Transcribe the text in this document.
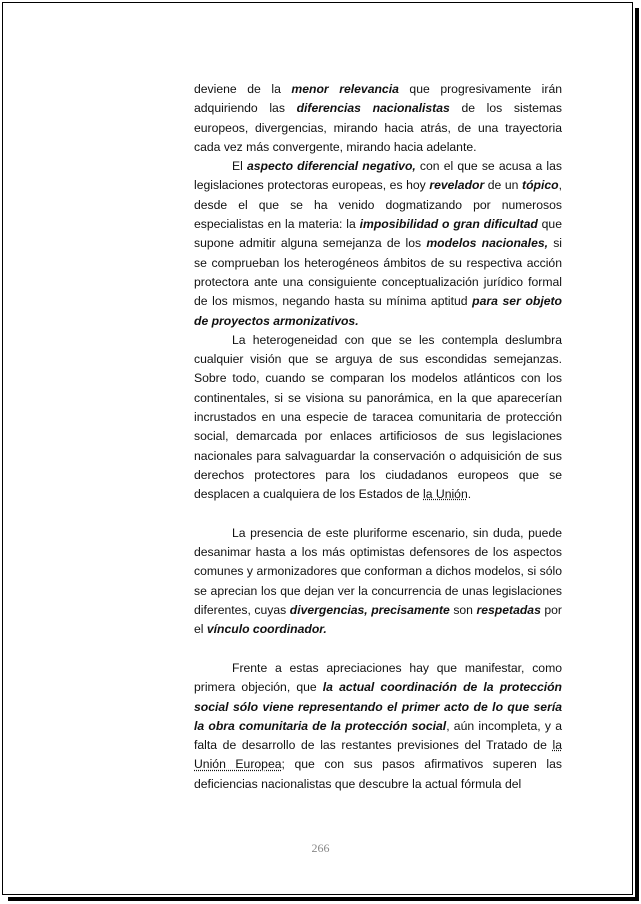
deviene de la menor relevancia que progresivamente irán adquiriendo las diferencias nacionalistas de los sistemas europeos, divergencias, mirando hacia atrás, de una trayectoria cada vez más convergente, mirando hacia adelante.

El aspecto diferencial negativo, con el que se acusa a las legislaciones protectoras europeas, es hoy revelador de un tópico, desde el que se ha venido dogmatizando por numerosos especialistas en la materia: la imposibilidad o gran dificultad que supone admitir alguna semejanza de los modelos nacionales, si se comprueban los heterogéneos ámbitos de su respectiva acción protectora ante una consiguiente conceptualización jurídico formal de los mismos, negando hasta su mínima aptitud para ser objeto de proyectos armonizativos.

La heterogeneidad con que se les contempla deslumbra cualquier visión que se arguya de sus escondidas semejanzas. Sobre todo, cuando se comparan los modelos atlánticos con los continentales, si se visiona su panorámica, en la que aparecerían incrustados en una especie de taracea comunitaria de protección social, demarcada por enlaces artificiosos de sus legislaciones nacionales para salvaguardar la conservación o adquisición de sus derechos protectores para los ciudadanos europeos que se desplacen a cualquiera de los Estados de la Unión.

La presencia de este pluriforme escenario, sin duda, puede desanimar hasta a los más optimistas defensores de los aspectos comunes y armonizadores que conforman a dichos modelos, si sólo se aprecian los que dejan ver la concurrencia de unas legislaciones diferentes, cuyas divergencias, precisamente son respetadas por el vínculo coordinador.

Frente a estas apreciaciones hay que manifestar, como primera objeción, que la actual coordinación de la protección social sólo viene representando el primer acto de lo que sería la obra comunitaria de la protección social, aún incompleta, y a falta de desarrollo de las restantes previsiones del Tratado de la Unión Europea; que con sus pasos afirmativos superen las deficiencias nacionalistas que descubre la actual fórmula del

266
